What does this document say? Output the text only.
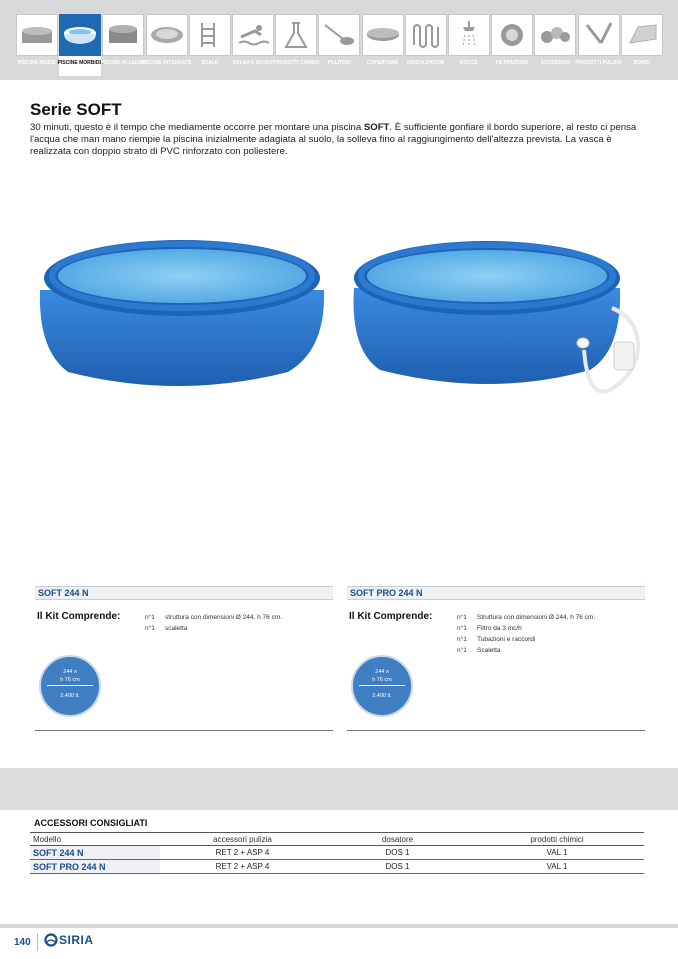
PISCINE INSIDE PISCINE MORBIDE
PISCINE IN LEGNO
PISCINE INTERRATE	SCALE	RELAX E SPORT PRODOTTI CHIMICI	PULITORI	COPERTURE	RISCALDATORI	DOCCE	FILTRAZIONE	ACCESSORI	PRODOTTI PULIZIA	BORDI
Serie SOFT
30 minuti, questo è il tempo che mediamente occorre per montare una piscina SOFT. È sufficiente gonfiare il bordo superiore, al resto ci pensa l'acqua che man mano riempie la piscina inizialmente adagiata al suolo, la solleva fino al raggiungimento dell'altezza prevista. La vasca è realizzata con doppio strato di PVC rinforzato con poliestere.
SOFT 244 N
Il Kit Comprende:	n°1	struttura con dimensioni Ø 244, h 76 cm.
n°1	scaletta
244 x
h 76 cm
2.400 lt.
SOFT PRO 244 N
Il Kit Comprende:	n°1	Struttura con dimensioni Ø 244, h 76 cm.
n°1	Filtro da 3 mc/h
n°1	Tubazioni e raccordi
n°1	Scaletta
244 x
h 76 cm
2.400 lt.
ACCESSORI CONSIGLIATI
Modello	accessori pulizia	dosatore	prodotti chimici
SOFT 244 N	RET 2 + ASP 4	DOS 1	VAL 1
SOFT PRO 244 N	RET 2 + ASP 4	DOS 1	VAL 1
140 SIRIA
